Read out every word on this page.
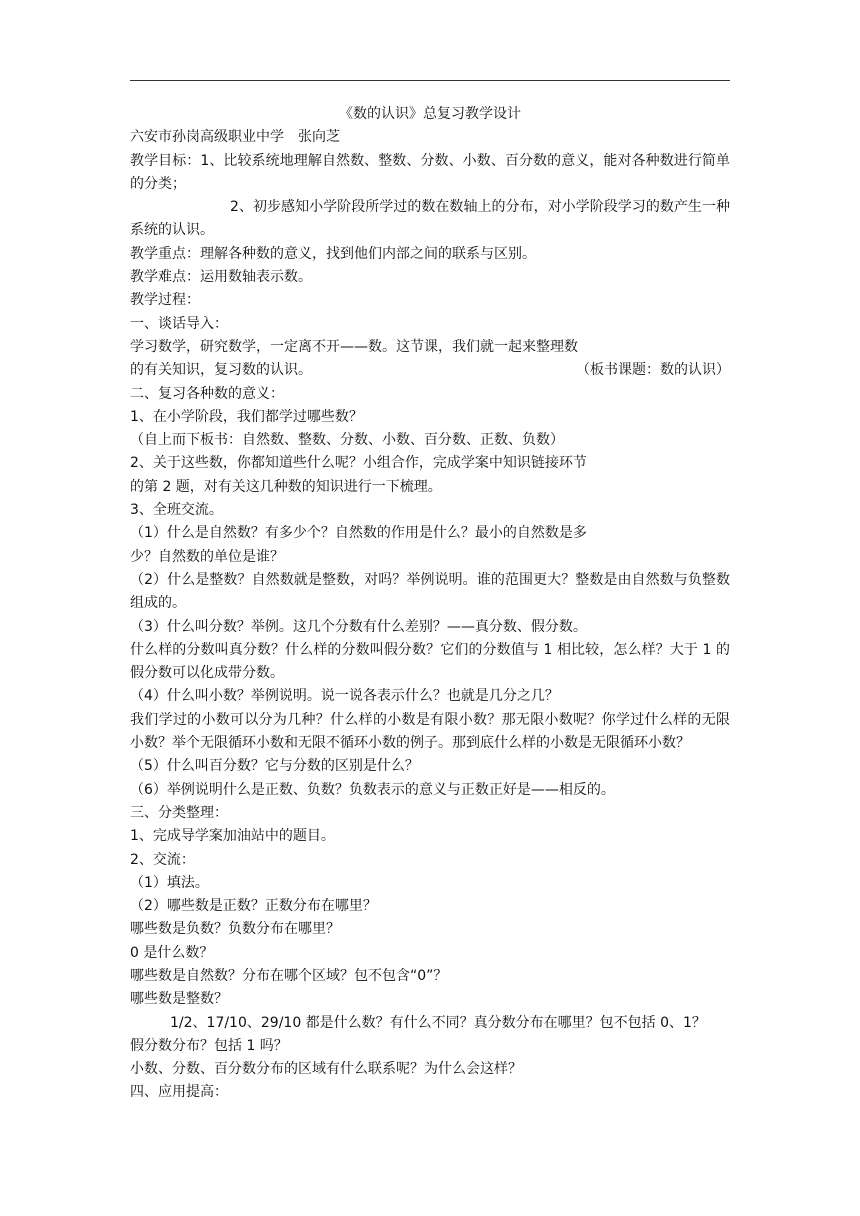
《数的认识》总复习教学设计

六安市孙岗高级职业中学　张向芝

教学目标：1、比较系统地理解自然数、整数、分数、小数、百分数的意义，能对各种数进行简单的分类；

2、初步感知小学阶段所学过的数在数轴上的分布，对小学阶段学习的数产生一种系统的认识。

教学重点：理解各种数的意义，找到他们内部之间的联系与区别。

教学难点：运用数轴表示数。

教学过程：

一、谈话导入：

学习数学，研究数学，一定离不开——数。这节课，我们就一起来整理数

的有关知识，复习数的认识。	（板书课题：数的认识）

二、复习各种数的意义：

1、在小学阶段，我们都学过哪些数？

（自上而下板书：自然数、整数、分数、小数、百分数、正数、负数）

2、关于这些数，你都知道些什么呢？小组合作，完成学案中知识链接环节

的第 2 题，对有关这几种数的知识进行一下梳理。

3、全班交流。

（1）什么是自然数？有多少个？自然数的作用是什么？最小的自然数是多

少？自然数的单位是谁？

（2）什么是整数？自然数就是整数，对吗？举例说明。谁的范围更大？整数是由自然数与负整数组成的。

（3）什么叫分数？举例。这几个分数有什么差别？——真分数、假分数。

什么样的分数叫真分数？什么样的分数叫假分数？它们的分数值与 1 相比较，怎么样？大于 1 的假分数可以化成带分数。

（4）什么叫小数？举例说明。说一说各表示什么？也就是几分之几？

我们学过的小数可以分为几种？什么样的小数是有限小数？那无限小数呢？你学过什么样的无限小数？举个无限循环小数和无限不循环小数的例子。那到底什么样的小数是无限循环小数？

（5）什么叫百分数？它与分数的区别是什么？

（6）举例说明什么是正数、负数？负数表示的意义与正数正好是——相反的。

三、分类整理：

1、完成导学案加油站中的题目。

2、交流：

（1）填法。

（2）哪些数是正数？正数分布在哪里？

哪些数是负数？负数分布在哪里？

0 是什么数？

哪些数是自然数？分布在哪个区域？包不包含“0”？

哪些数是整数？

1/2、17/10、29/10 都是什么数？有什么不同？真分数分布在哪里？包不包括 0、1？

假分数分布？包括 1 吗？

小数、分数、百分数分布的区域有什么联系呢？为什么会这样？

四、应用提高：
